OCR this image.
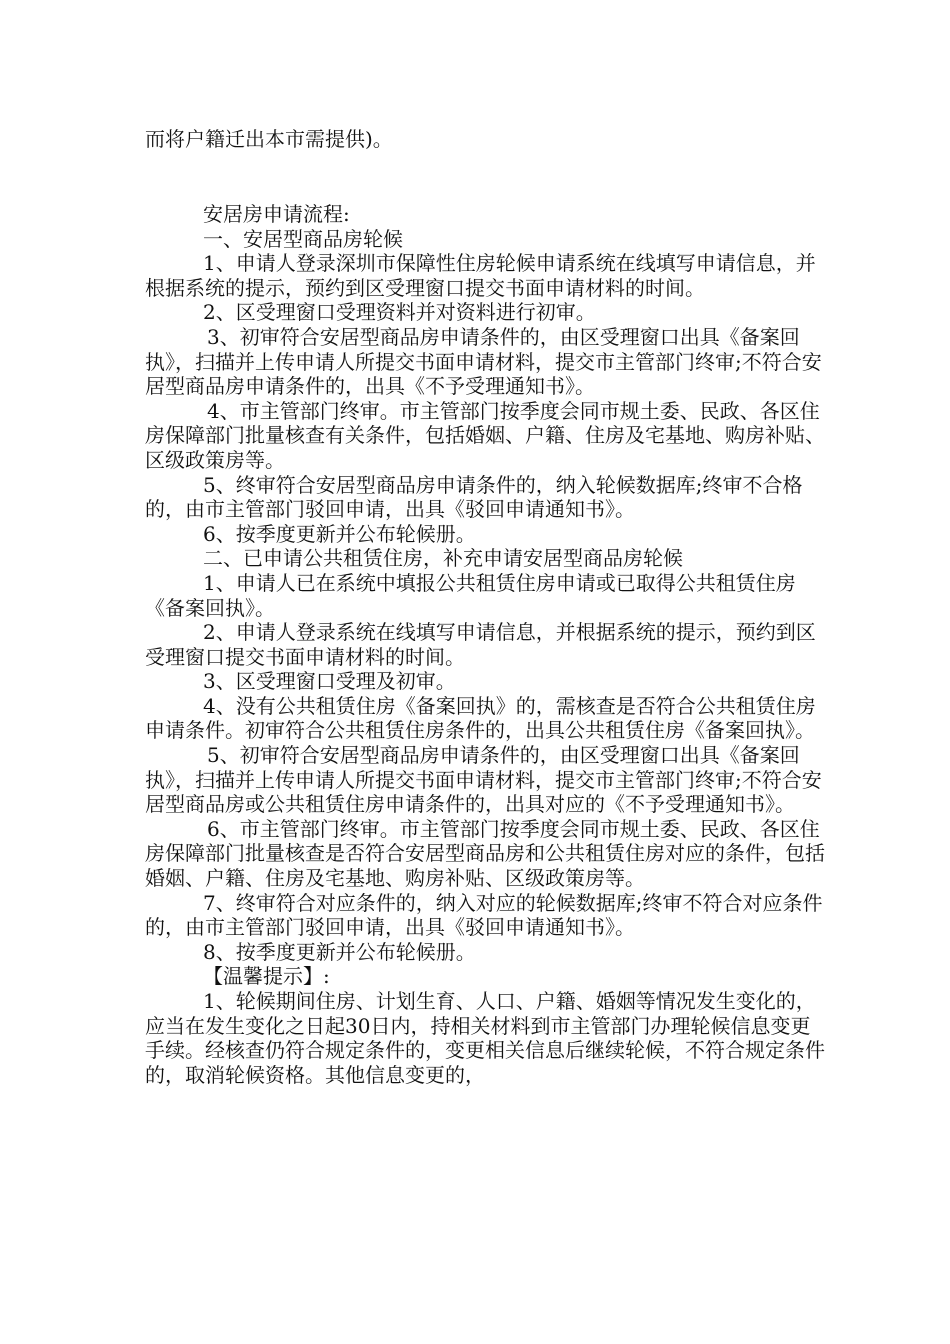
而将户籍迁出本市需提供)。

安居房申请流程:

一、安居型商品房轮候

1、申请人登录深圳市保障性住房轮候申请系统在线填写申请信息，并根据系统的提示，预约到区受理窗口提交书面申请材料的时间。

2、区受理窗口受理资料并对资料进行初审。

3、初审符合安居型商品房申请条件的，由区受理窗口出具《备案回执》，扫描并上传申请人所提交书面申请材料，提交市主管部门终审;不符合安居型商品房申请条件的，出具《不予受理通知书》。

4、市主管部门终审。市主管部门按季度会同市规土委、民政、各区住房保障部门批量核查有关条件，包括婚姻、户籍、住房及宅基地、购房补贴、区级政策房等。

5、终审符合安居型商品房申请条件的，纳入轮候数据库;终审不合格的，由市主管部门驳回申请，出具《驳回申请通知书》。

6、按季度更新并公布轮候册。

二、已申请公共租赁住房，补充申请安居型商品房轮候

1、申请人已在系统中填报公共租赁住房申请或已取得公共租赁住房《备案回执》。

2、申请人登录系统在线填写申请信息，并根据系统的提示，预约到区受理窗口提交书面申请材料的时间。

3、区受理窗口受理及初审。

4、没有公共租赁住房《备案回执》的，需核查是否符合公共租赁住房申请条件。初审符合公共租赁住房条件的，出具公共租赁住房《备案回执》。

5、初审符合安居型商品房申请条件的，由区受理窗口出具《备案回执》，扫描并上传申请人所提交书面申请材料，提交市主管部门终审;不符合安居型商品房或公共租赁住房申请条件的，出具对应的《不予受理通知书》。

6、市主管部门终审。市主管部门按季度会同市规土委、民政、各区住房保障部门批量核查是否符合安居型商品房和公共租赁住房对应的条件，包括婚姻、户籍、住房及宅基地、购房补贴、区级政策房等。

7、终审符合对应条件的，纳入对应的轮候数据库;终审不符合对应条件的，由市主管部门驳回申请，出具《驳回申请通知书》。

8、按季度更新并公布轮候册。

【温馨提示】:

1、轮候期间住房、计划生育、人口、户籍、婚姻等情况发生变化的，应当在发生变化之日起30日内，持相关材料到市主管部门办理轮候信息变更手续。经核查仍符合规定条件的，变更相关信息后继续轮候，不符合规定条件的，取消轮候资格。其他信息变更的，
